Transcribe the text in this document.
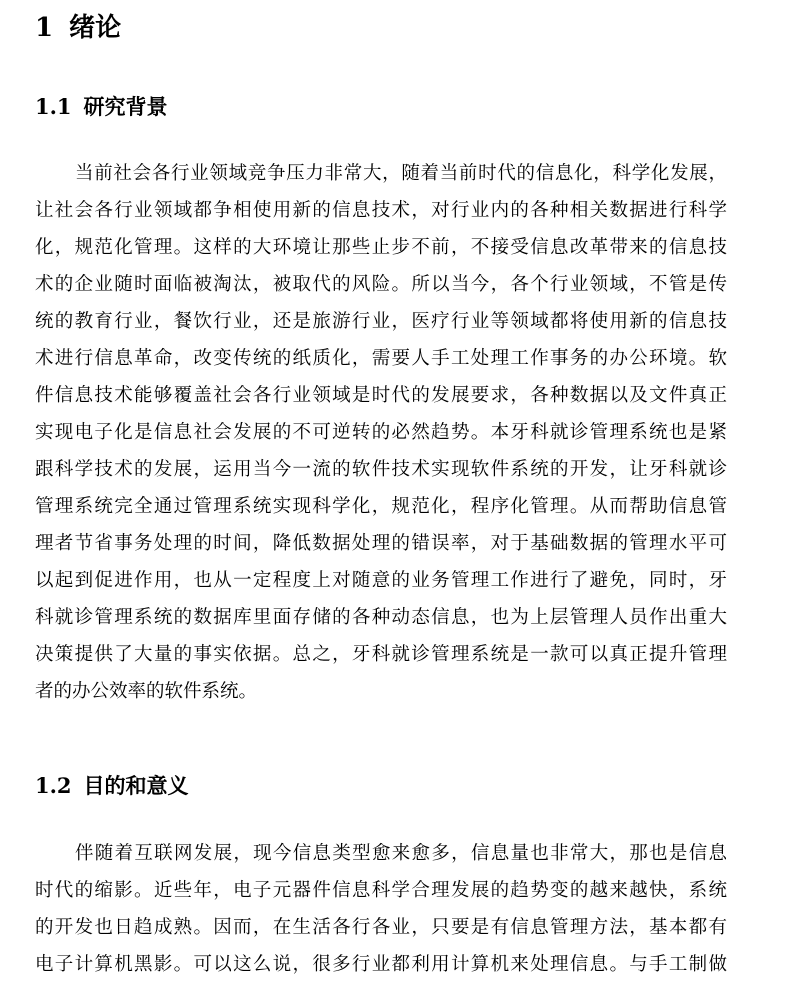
1 绪论
1.1 研究背景
当前社会各行业领域竞争压力非常大，随着当前时代的信息化，科学化发展，
让社会各行业领域都争相使用新的信息技术，对行业内的各种相关数据进行科学
化，规范化管理。这样的大环境让那些止步不前，不接受信息改革带来的信息技
术的企业随时面临被淘汰，被取代的风险。所以当今，各个行业领域，不管是传
统的教育行业，餐饮行业，还是旅游行业，医疗行业等领域都将使用新的信息技
术进行信息革命，改变传统的纸质化，需要人手工处理工作事务的办公环境。软
件信息技术能够覆盖社会各行业领域是时代的发展要求，各种数据以及文件真正
实现电子化是信息社会发展的不可逆转的必然趋势。本牙科就诊管理系统也是紧
跟科学技术的发展，运用当今一流的软件技术实现软件系统的开发，让牙科就诊
管理系统完全通过管理系统实现科学化，规范化，程序化管理。从而帮助信息管
理者节省事务处理的时间，降低数据处理的错误率，对于基础数据的管理水平可
以起到促进作用，也从一定程度上对随意的业务管理工作进行了避免，同时，牙
科就诊管理系统的数据库里面存储的各种动态信息，也为上层管理人员作出重大
决策提供了大量的事实依据。总之，牙科就诊管理系统是一款可以真正提升管理
者的办公效率的软件系统。
1.2 目的和意义
伴随着互联网发展，现今信息类型愈来愈多，信息量也非常大，那也是信息
时代的缩影。近些年，电子元器件信息科学合理发展的趋势变的越来越快，系统
的开发也日趋成熟。因而，在生活各行各业，只要是有信息管理方法，基本都有
电子计算机黑影。可以这么说，很多行业都利用计算机来处理信息。与手工制做
